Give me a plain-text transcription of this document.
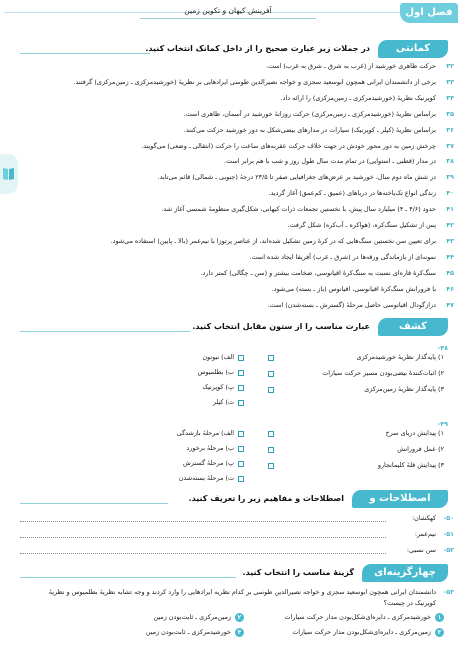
فصل اول
آفرینش کیهان و تکوین زمین
کمانتی
در جملات زیر عبارت صحیح را از داخل کمانک انتخاب کنید.
۳۲
حرکت ظاهری خورشید از (غرب به شرق ـ شرق به غرب) است.
۳۳
برخی از دانشمندان ایرانی همچون ابوسعید سجزی و خواجه نصیرالدین طوسی ایرادهایی بر نظریهٔ (خورشیدمرکزی ـ زمین‌مرکزی) گرفتند.
۳۴
کوپرنیک نظریهٔ (خورشیدمرکزی ـ زمین‌مرکزی) را ارائه داد.
۳۵
براساس نظریهٔ (خورشیدمرکزی ـ زمین‌مرکزی) حرکت روزانهٔ خورشید در آسمان، ظاهری است.
۳۶
براساس نظریهٔ (کپلر ـ کوپرنیک) سیارات در مدارهای بیضی‌شکل به دور خورشید حرکت می‌کنند.
۳۷
چرخش زمین به دور محور خودش در جهت خلاف حرکت عقربه‌های ساعت را حرکت (انتقالی ـ وضعی) می‌گویند.
۳۸
در مدار (قطبی ـ استوایی) در تمام مدت سال طول روز و شب با هم برابر است.
۳۹
در شش ماه دوم سال، خورشید بر عرض‌های جغرافیایی صفر تا ۲۳/۵ درجهٔ (جنوبی ـ شمالی) قائم می‌تابد.
۴۰
زندگی انواع تک‌یاخته‌ها در دریاهای (عمیق ـ کم‌عمق) آغاز گردید.
۴۱
حدود (۴/۶ ـ ۴) میلیارد سال پیش، با نخستین تجمعات ذرات کیهانی، شکل‌گیری منظومهٔ شمسی آغاز شد.
۴۲
پس از تشکیل سنگ‌کره، (هواکره ـ آب‌کره) شکل گرفت.
۴۳
برای تعیین سن نخستین سنگ‌هایی که در کرهٔ زمین تشکیل شده‌اند، از عناصر پرتوزا با نیم‌عمر (بالا ـ پایین) استفاده می‌شود.
۴۴
نمونه‌ای از بازماندگی ورقه‌ها در (شرق ـ غرب) آفریقا ایجاد شده است.
۴۵
سنگ‌کرهٔ قاره‌ای نسبت به سنگ‌کرهٔ اقیانوسی، ضخامت بیشتر و (سن ـ چگالی) کمتر دارد.
۴۶
با فرورانش سنگ‌کرهٔ اقیانوسی، اقیانوس (باز ـ بسته) می‌شود.
۴۷
دراز‌گودال اقیانوسی حاصل مرحلهٔ (گسترش ـ بسته‌شدن) است.
کشف ارتباط
عبارت مناسب را از ستون مقابل انتخاب کنید.
۴۸-
۱) پایه‌گذار نظریهٔ خورشیدمرکزی
۲) اثبات‌کنندهٔ بیضی‌بودن مسیر حرکت سیارات
۳) پایه‌گذار نظریهٔ زمین‌مرکزی
الف) نیوتون
ب) بطلمیوس
پ) کوپرنیک
ت) کپلر
۴۹-
۱) پیدایش دریای سرخ
۲) عمل فرورانش
۳) پیدایش قلهٔ کلیمانجارو
الف) مرحلهٔ بازشدگی
ب) مرحلهٔ برخورد
پ) مرحلهٔ گسترش
ت) مرحلهٔ بسته‌شدن
اصطلاحات و تعاریف
اصطلاحات و مفاهیم زیر را تعریف کنید.
۵۰-
کهکشان:
۵۱-
نیم‌عمر:
۵۲-
سن نسبی:
چهارگزینه‌ای
گزینهٔ مناسب را انتخاب کنید.
۵۳-
دانشمندان ایرانی همچون ابوسعید سجزی و خواجه نصیرالدین طوسی بر کدام نظریه ایرادهایی را وارد کردند و وجه تشابه نظریهٔ بطلمیوس و نظریهٔ
کوپرنیک در چیست؟
۱
خورشیدمرکزی ـ دایره‌ای‌شکل‌بودن مدار حرکت سیارات
۲
زمین‌مرکزی ـ ثابت‌بودن زمین
۳
زمین‌مرکزی ـ دایره‌ای‌شکل‌بودن مدار حرکت سیارات
۴
خورشیدمرکزی ـ ثابت‌بودن زمین
